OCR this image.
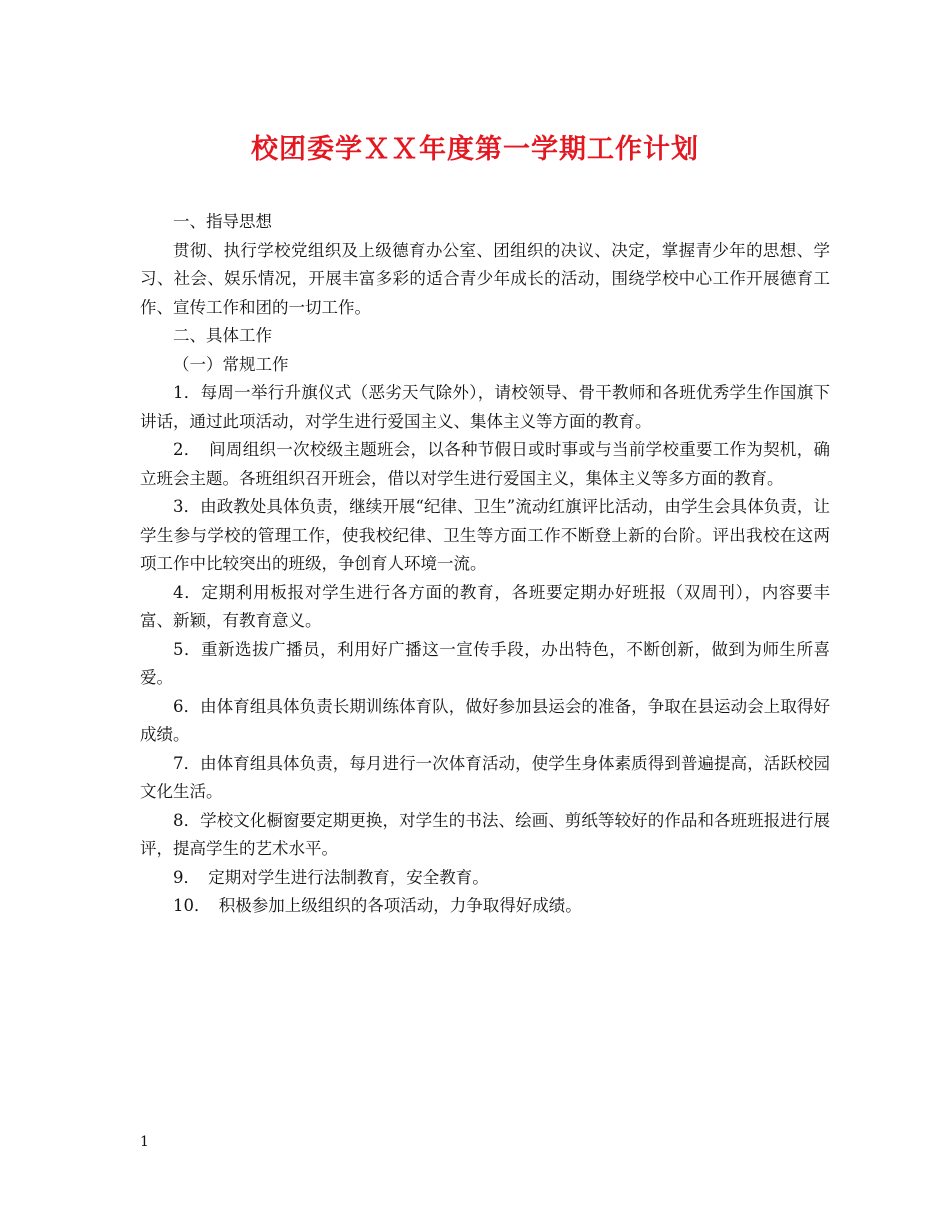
校团委学ＸＸ年度第一学期工作计划

一、指导思想

贯彻、执行学校党组织及上级德育办公室、团组织的决议、决定，掌握青少年的思想、学习、社会、娱乐情况，开展丰富多彩的适合青少年成长的活动，围绕学校中心工作开展德育工作、宣传工作和团的一切工作。

二、具体工作

（一）常规工作

1．每周一举行升旗仪式（恶劣天气除外），请校领导、骨干教师和各班优秀学生作国旗下讲话，通过此项活动，对学生进行爱国主义、集体主义等方面的教育。

2．　间周组织一次校级主题班会，以各种节假日或时事或与当前学校重要工作为契机，确立班会主题。各班组织召开班会，借以对学生进行爱国主义，集体主义等多方面的教育。

3．由政教处具体负责，继续开展“纪律、卫生”流动红旗评比活动，由学生会具体负责，让学生参与学校的管理工作，使我校纪律、卫生等方面工作不断登上新的台阶。评出我校在这两项工作中比较突出的班级，争创育人环境一流。

4．定期利用板报对学生进行各方面的教育，各班要定期办好班报（双周刊），内容要丰富、新颖，有教育意义。

5．重新选拔广播员，利用好广播这一宣传手段，办出特色，不断创新，做到为师生所喜爱。

6．由体育组具体负责长期训练体育队，做好参加县运会的准备，争取在县运动会上取得好成绩。

7．由体育组具体负责，每月进行一次体育活动，使学生身体素质得到普遍提高，活跃校园文化生活。

8．学校文化橱窗要定期更换，对学生的书法、绘画、剪纸等较好的作品和各班班报进行展评，提高学生的艺术水平。

9．　定期对学生进行法制教育，安全教育。

10．　积极参加上级组织的各项活动，力争取得好成绩。

1
